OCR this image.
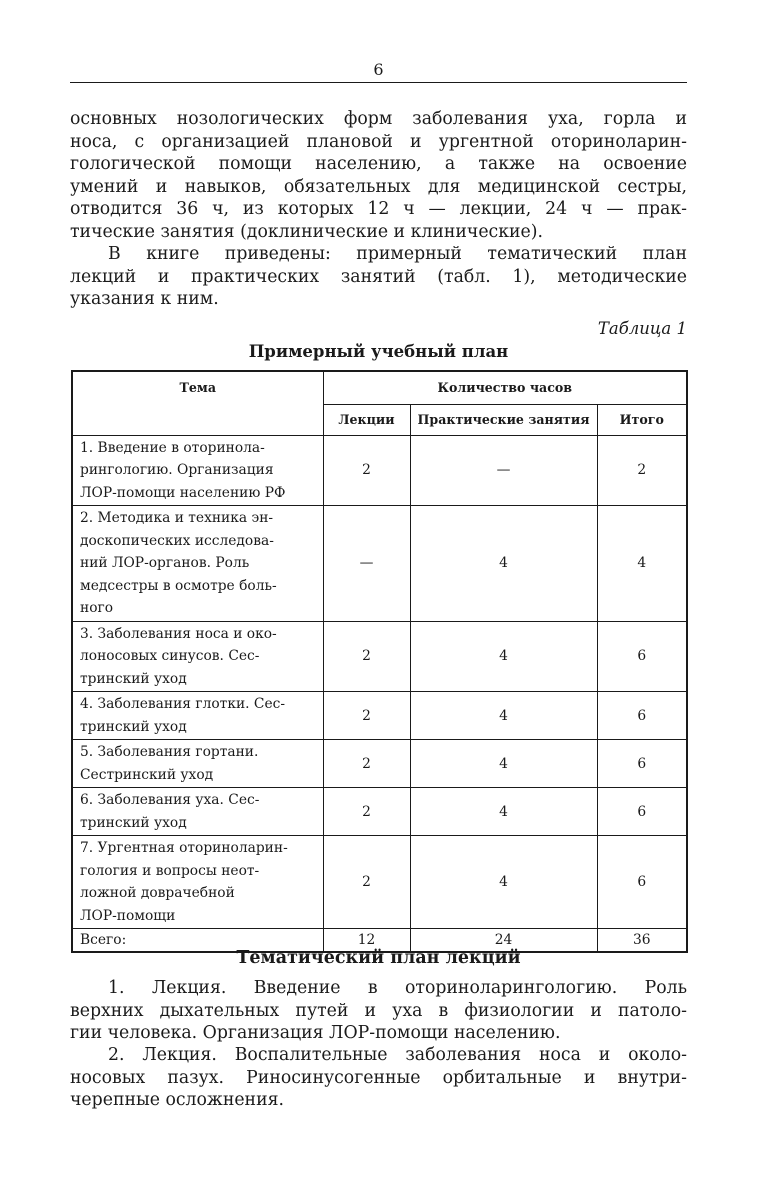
6

основных нозологических форм заболевания уха, горла и
носа, с организацией плановой и ургентной оториноларин-
гологической помощи населению, а также на освоение
умений и навыков, обязательных для медицинской сестры,
отводится 36 ч, из которых 12 ч — лекции, 24 ч — прак-
тические занятия (доклинические и клинические).

В книге приведены: примерный тематический план
лекций и практических занятий (табл. 1), методические
указания к ним.

Таблица 1
Примерный учебный план
Тема	Количество часов		
	Лекции	Практические занятия	Итого

1. Введение в оторинола-
рингологию. Организация
ЛОР-помощи населению РФ	2	—	2

2. Методика и техника эн-
доскопических исследова-
ний ЛОР-органов. Роль
медсестры в осмотре боль-
ного	—	4	4

3. Заболевания носа и око-
лоносовых синусов. Сес-
тринский уход	2	4	6

4. Заболевания глотки. Сес-
тринский уход	2	4	6

5. Заболевания гортани.
Сестринский уход	2	4	6

6. Заболевания уха. Сес-
тринский уход	2	4	6

7. Ургентная оториноларин-
гология и вопросы неот-
ложной доврачебной
ЛОР-помощи	2	4	6
Всего:	12	24	36
Тематический план лекций

1. Лекция. Введение в оториноларингологию. Роль
верхних дыхательных путей и уха в физиологии и патоло-
гии человека. Организация ЛОР-помощи населению.

2. Лекция. Воспалительные заболевания носа и около-
носовых пазух. Риносинусогенные орбитальные и внутри-
черепные осложнения.
